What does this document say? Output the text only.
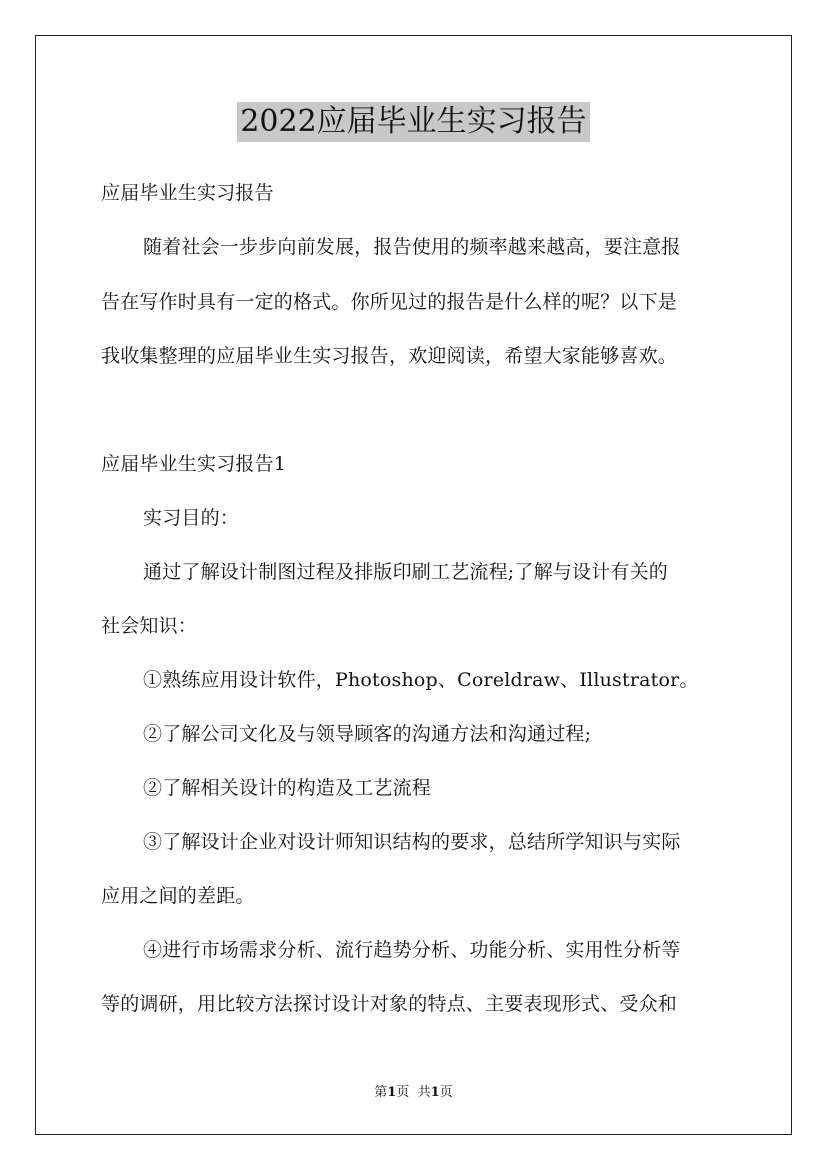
2022应届毕业生实习报告
应届毕业生实习报告
随着社会一步步向前发展，报告使用的频率越来越高，要注意报
告在写作时具有一定的格式。你所见过的报告是什么样的呢？以下是
我收集整理的应届毕业生实习报告，欢迎阅读，希望大家能够喜欢。
应届毕业生实习报告1
实习目的：
通过了解设计制图过程及排版印刷工艺流程;了解与设计有关的
社会知识：
①熟练应用设计软件，Photoshop、Coreldraw、Illustrator。
②了解公司文化及与领导顾客的沟通方法和沟通过程;
②了解相关设计的构造及工艺流程
③了解设计企业对设计师知识结构的要求，总结所学知识与实际
应用之间的差距。
④进行市场需求分析、流行趋势分析、功能分析、实用性分析等
等的调研，用比较方法探讨设计对象的特点、主要表现形式、受众和
第1页 共1页
